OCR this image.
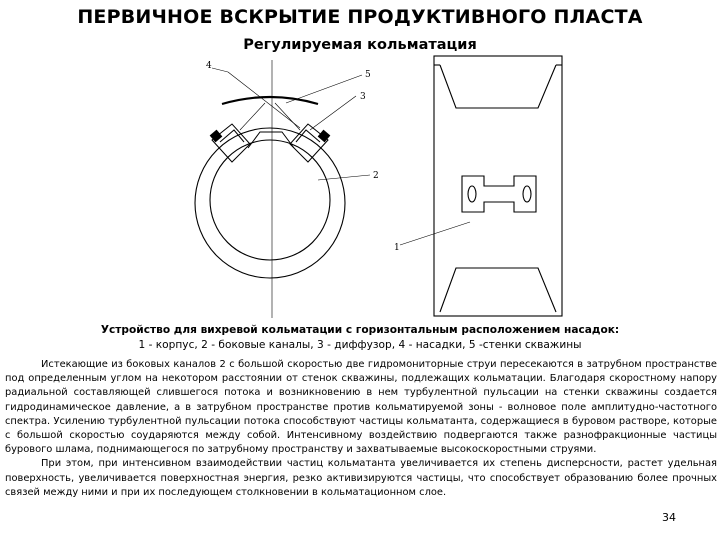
ПЕРВИЧНОЕ ВСКРЫТИЕ ПРОДУКТИВНОГО ПЛАСТА
Регулируемая кольматация
4
5
3
2
1
Устройство для вихревой кольматации с горизонтальным расположением насадок:
1 - корпус, 2 - боковые каналы, 3 - диффузор, 4 - насадки, 5 -стенки скважины

Истекающие из боковых каналов 2 с большой скоростью две гидромониторные струи пересекаются в затрубном пространстве под определенным углом на некотором расстоянии от стенок скважины, подлежащих кольматации. Благодаря скоростному напору радиальной составляющей слившегося потока и возникновению в нем турбулентной пульсации на стенки скважины создается гидродинамическое давление, а в затрубном пространстве против кольматируемой зоны - волновое поле амплитудно-частотного спектра. Усилению турбулентной пульсации потока способствуют частицы кольматанта, содержащиеся в буровом растворе, которые с большой скоростью соударяются между собой. Интенсивному воздействию подвергаются также разнофракционные частицы бурового шлама, поднимающегося по затрубному пространству и захватываемые высокоскоростными струями.

При этом, при интенсивном взаимодействии частиц кольматанта увеличивается их степень дисперсности, растет удельная поверхность, увеличивается поверхностная энергия, резко активизируются частицы, что способствует образованию более прочных связей между ними и при их последующем столкновении в кольматационном слое.

34
